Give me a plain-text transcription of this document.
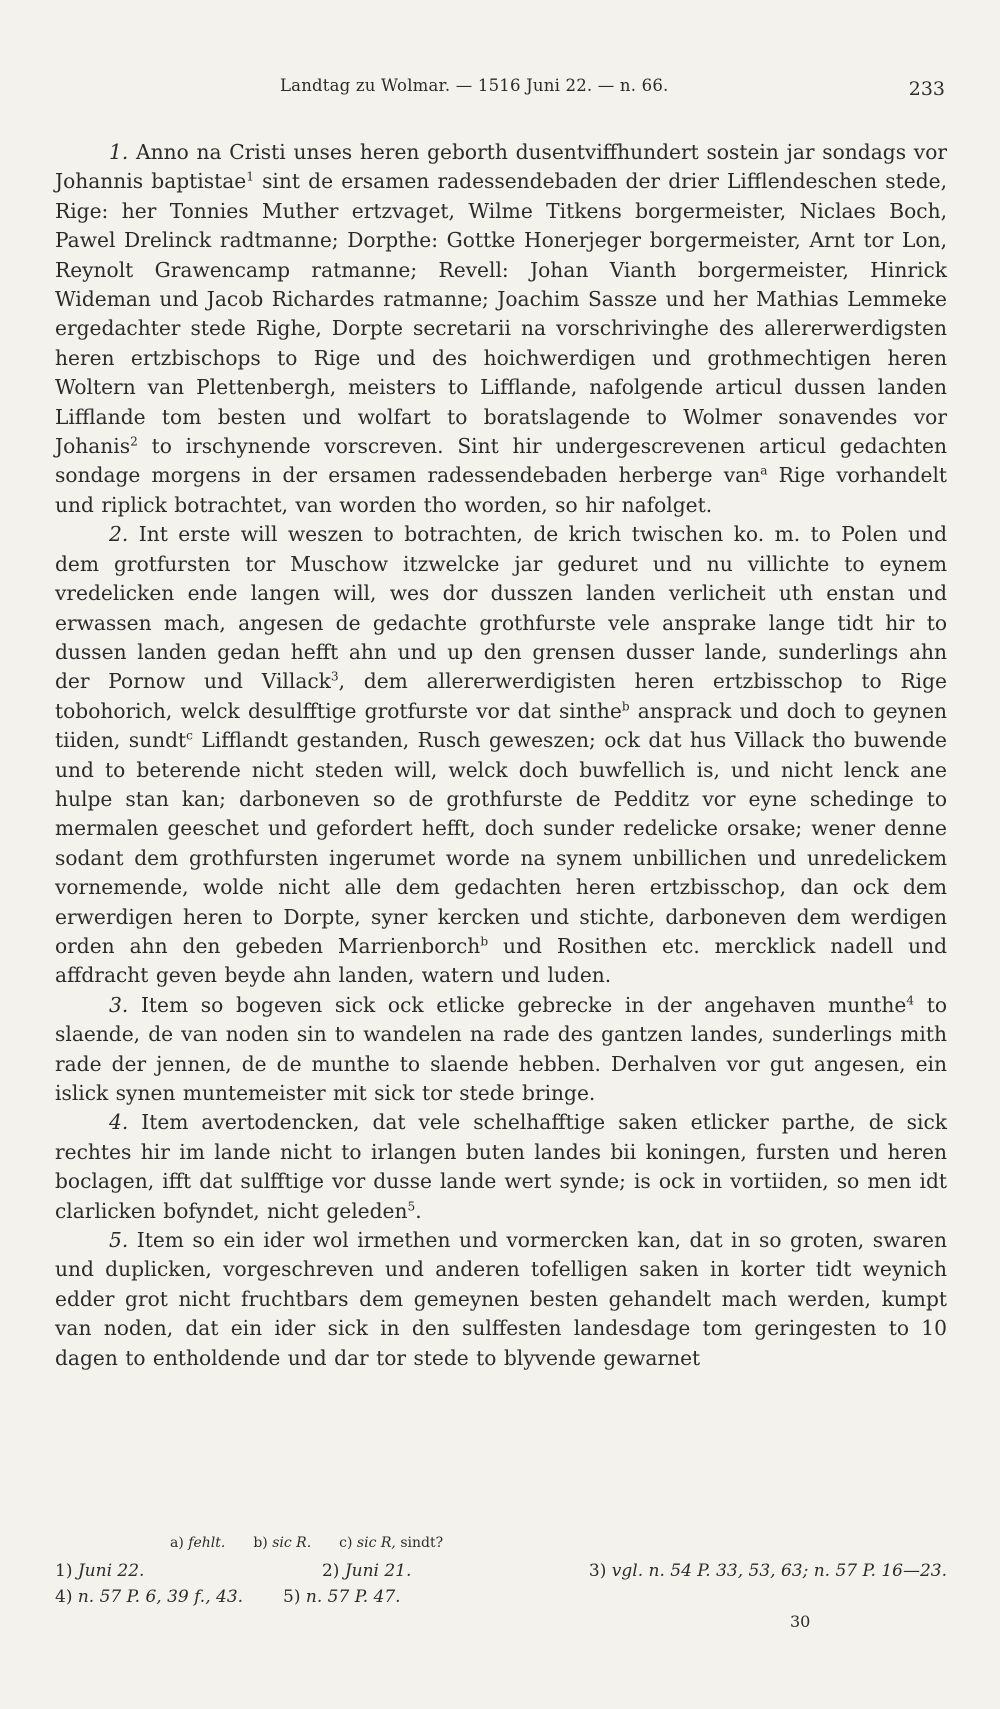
Landtag zu Wolmar. — 1516 Juni 22. — n. 66.	233

1. Anno na Cristi unses heren geborth dusentviffhundert sostein jar sondags vor Johannis baptistae$^1$ sint de ersamen radessendebaden der drier Lifflendeschen stede, Rige: her Tonnies Muther ertzvaget, Wilme Titkens borgermeister, Niclaes Boch, Pawel Drelinck radtmanne; Dorpthe: Gottke Honerjeger borgermeister, Arnt tor Lon, Reynolt Grawencamp ratmanne; Revell: Johan Vianth borgermeister, Hinrick Wideman und Jacob Richardes ratmanne; Joachim Sassze und her Mathias Lemmeke ergedachter stede Righe, Dorpte secretarii na vorschrivinghe des allererwerdigsten heren ertzbischops to Rige und des hoichwerdigen und grothmechtigen heren Woltern van Plettenbergh, meisters to Lifflande, nafolgende articul dussen landen Lifflande tom besten und wolfart to boratslagende to Wolmer sonavendes vor Johanis$^2$ to irschynende vorscreven. Sint hir undergescrevenen articul gedachten sondage morgens in der ersamen radessendebaden herberge van$^a$ Rige vorhandelt und riplick botrachtet, van worden tho worden, so hir nafolget.

2. Int erste will weszen to botrachten, de krich twischen ko. m. to Polen und dem grotfursten tor Muschow itzwelcke jar geduret und nu villichte to eynem vredelicken ende langen will, wes dor dusszen landen verlicheit uth enstan und erwassen mach, angesen de gedachte grothfurste vele ansprake lange tidt hir to dussen landen gedan hefft ahn und up den grensen dusser lande, sunderlings ahn der Pornow und Villack$^3$, dem allererwerdigisten heren ertzbisschop to Rige tobohorich, welck desulfftige grotfurste vor dat sinthe$^b$ ansprack und doch to geynen tiiden, sundt$^c$ Lifflandt gestanden, Rusch geweszen; ock dat hus Villack tho buwende und to beterende nicht steden will, welck doch buwfellich is, und nicht lenck ane hulpe stan kan; darboneven so de grothfurste de Pedditz vor eyne schedinge to mermalen geeschet und gefordert hefft, doch sunder redelicke orsake; wener denne sodant dem grothfursten ingerumet worde na synem unbillichen und unredelickem vornemende, wolde nicht alle dem gedachten heren ertzbisschop, dan ock dem erwerdigen heren to Dorpte, syner kercken und stichte, darboneven dem werdigen orden ahn den gebeden Marrienborch$^b$ und Rosithen etc. mercklick nadell und affdracht geven beyde ahn landen, watern und luden.

3. Item so bogeven sick ock etlicke gebrecke in der angehaven munthe$^4$ to slaende, de van noden sin to wandelen na rade des gantzen landes, sunderlings mith rade der jennen, de de munthe to slaende hebben. Derhalven vor gut angesen, ein islick synen muntemeister mit sick tor stede bringe.

4. Item avertodencken, dat vele schelhafftige saken etlicker parthe, de sick rechtes hir im lande nicht to irlangen buten landes bii koningen, fursten und heren boclagen, ifft dat sulfftige vor dusse lande wert synde; is ock in vortiiden, so men idt clarlicken bofyndet, nicht geleden$^5$.

5. Item so ein ider wol irmethen und vormercken kan, dat in so groten, swaren und duplicken, vorgeschreven und anderen tofelligen saken in korter tidt weynich edder grot nicht fruchtbars dem gemeynen besten gehandelt mach werden, kumpt van noden, dat ein ider sick in den sulffesten landesdage tom geringesten to 10 dagen to entholdende und dar tor stede to blyvende gewarnet

a) fehlt. b) sic R. c) sic R, sindt?
1) Juni 22.	2) Juni 21.	3) vgl. n. 54 P. 33, 53, 63; n. 57 P. 16—23.
4) n. 57 P. 6, 39 f., 43. 5) n. 57 P. 47.
30
